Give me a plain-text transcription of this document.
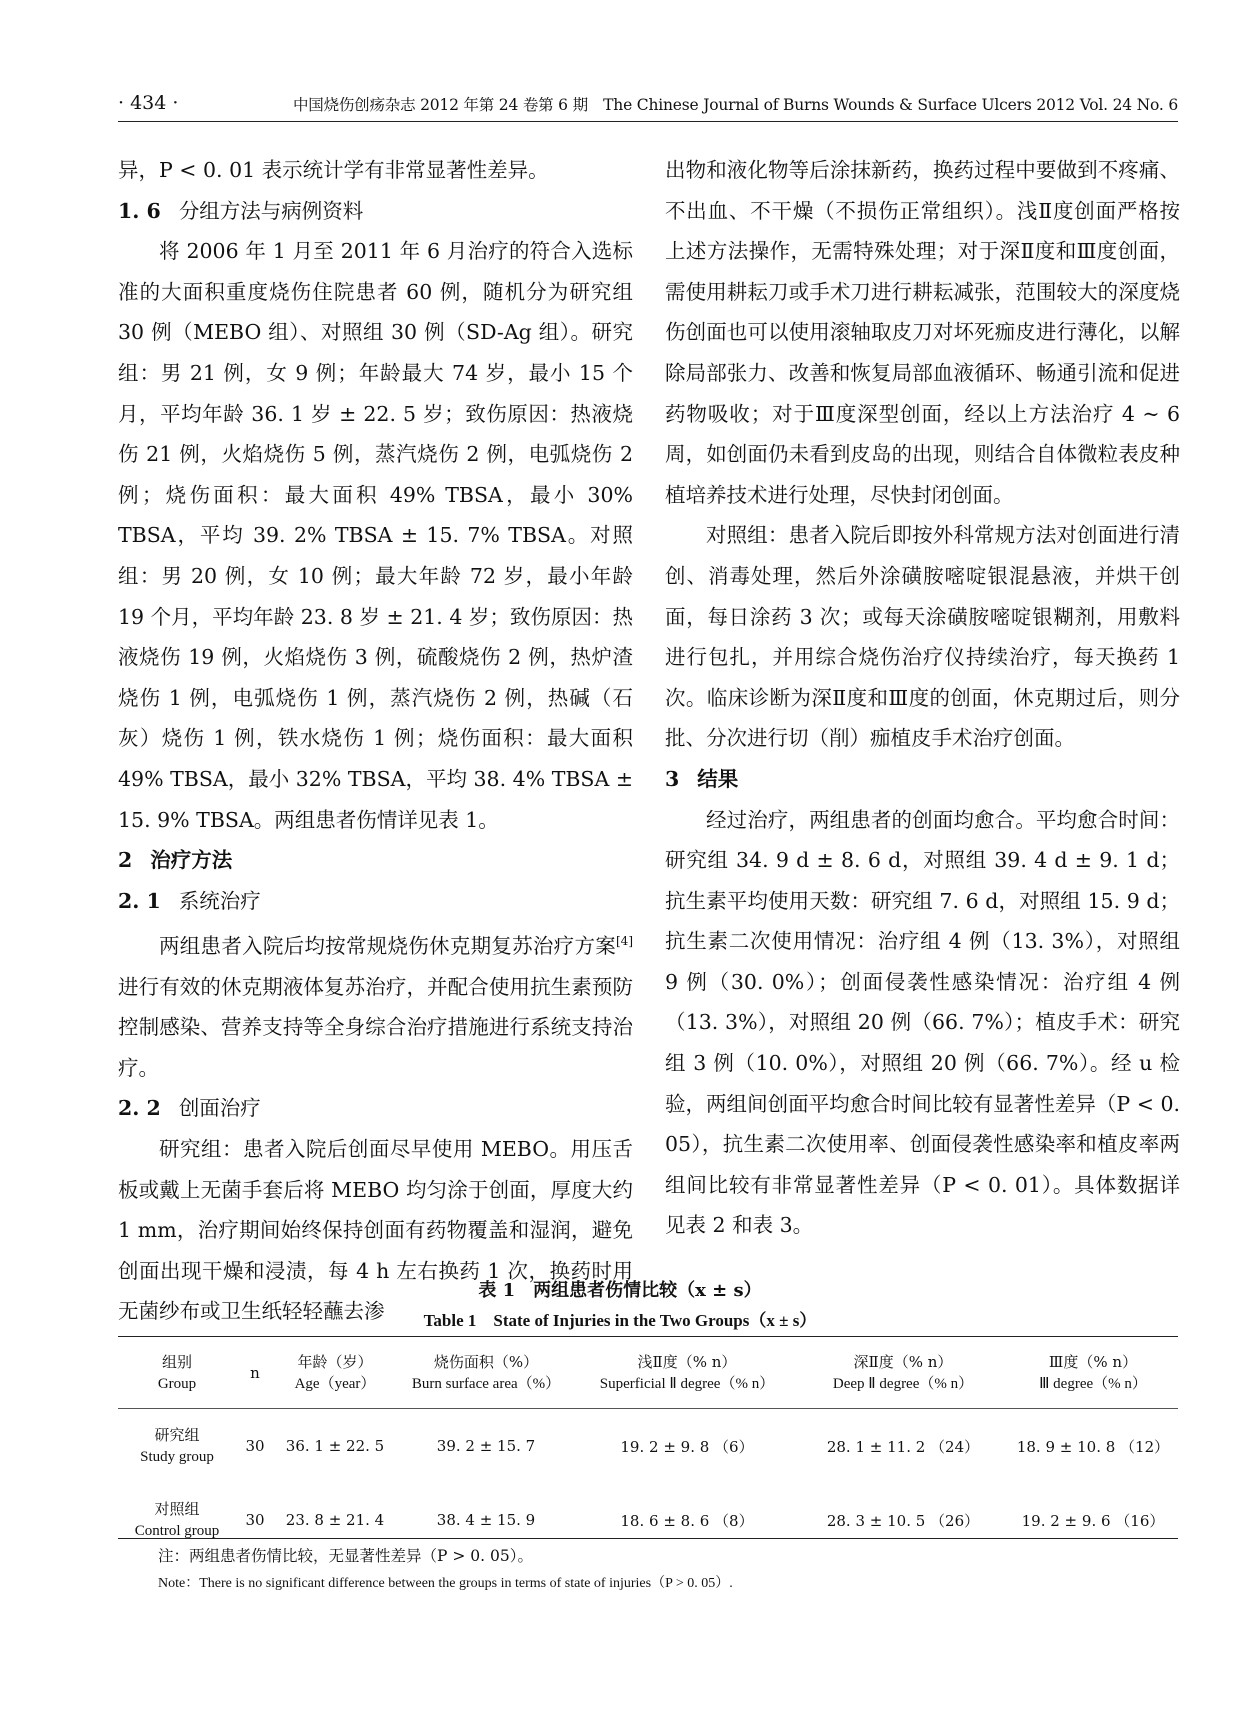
· 434 ·	中国烧伤创疡杂志 2012 年第 24 卷第 6 期　The Chinese Journal of Burns Wounds & Surface Ulcers 2012 Vol. 24 No. 6

异，P < 0. 01 表示统计学有非常显著性差异。

1. 6 分组方法与病例资料

将 2006 年 1 月至 2011 年 6 月治疗的符合入选标准的大面积重度烧伤住院患者 60 例，随机分为研究组 30 例（MEBO 组）、对照组 30 例（SD-Ag 组）。研究组：男 21 例，女 9 例；年龄最大 74 岁，最小 15 个月，平均年龄 36. 1 岁 ± 22. 5 岁；致伤原因：热液烧伤 21 例，火焰烧伤 5 例，蒸汽烧伤 2 例，电弧烧伤 2 例；烧伤面积：最大面积 49% TBSA，最小 30% TBSA，平均 39. 2% TBSA ± 15. 7% TBSA。对照组：男 20 例，女 10 例；最大年龄 72 岁，最小年龄 19 个月，平均年龄 23. 8 岁 ± 21. 4 岁；致伤原因：热液烧伤 19 例，火焰烧伤 3 例，硫酸烧伤 2 例，热炉渣烧伤 1 例，电弧烧伤 1 例，蒸汽烧伤 2 例，热碱（石灰）烧伤 1 例，铁水烧伤 1 例；烧伤面积：最大面积 49% TBSA，最小 32% TBSA，平均 38. 4% TBSA ± 15. 9% TBSA。两组患者伤情详见表 1。

2 治疗方法
2. 1 系统治疗

两组患者入院后均按常规烧伤休克期复苏治疗方案[4]进行有效的休克期液体复苏治疗，并配合使用抗生素预防控制感染、营养支持等全身综合治疗措施进行系统支持治疗。

2. 2 创面治疗

研究组：患者入院后创面尽早使用 MEBO。用压舌板或戴上无菌手套后将 MEBO 均匀涂于创面，厚度大约 1 mm，治疗期间始终保持创面有药物覆盖和湿润，避免创面出现干燥和浸渍，每 4 h 左右换药 1 次，换药时用无菌纱布或卫生纸轻轻蘸去渗

出物和液化物等后涂抹新药，换药过程中要做到不疼痛、不出血、不干燥（不损伤正常组织）。浅Ⅱ度创面严格按上述方法操作，无需特殊处理；对于深Ⅱ度和Ⅲ度创面，需使用耕耘刀或手术刀进行耕耘减张，范围较大的深度烧伤创面也可以使用滚轴取皮刀对坏死痂皮进行薄化，以解除局部张力、改善和恢复局部血液循环、畅通引流和促进药物吸收；对于Ⅲ度深型创面，经以上方法治疗 4 ~ 6 周，如创面仍未看到皮岛的出现，则结合自体微粒表皮种植培养技术进行处理，尽快封闭创面。

对照组：患者入院后即按外科常规方法对创面进行清创、消毒处理，然后外涂磺胺嘧啶银混悬液，并烘干创面，每日涂药 3 次；或每天涂磺胺嘧啶银糊剂，用敷料进行包扎，并用综合烧伤治疗仪持续治疗，每天换药 1 次。临床诊断为深Ⅱ度和Ⅲ度的创面，休克期过后，则分批、分次进行切（削）痂植皮手术治疗创面。

3 结果

经过治疗，两组患者的创面均愈合。平均愈合时间：研究组 34. 9 d ± 8. 6 d，对照组 39. 4 d ± 9. 1 d；抗生素平均使用天数：研究组 7. 6 d，对照组 15. 9 d；抗生素二次使用情况：治疗组 4 例（13. 3%），对照组 9 例（30. 0%）；创面侵袭性感染情况：治疗组 4 例（13. 3%），对照组 20 例（66. 7%）；植皮手术：研究组 3 例（10. 0%），对照组 20 例（66. 7%）。经 u 检验，两组间创面平均愈合时间比较有显著性差异（P < 0. 05），抗生素二次使用率、创面侵袭性感染率和植皮率两组间比较有非常显著性差异（P < 0. 01）。具体数据详见表 2 和表 3。

表 1　两组患者伤情比较（x ± s）
Table 1　State of Injuries in the Two Groups（x ± s）
组别
Group	n	年龄（岁）
Age（year）	烧伤面积（%）
Burn surface area（%）	浅Ⅱ度（% n）
Superficial Ⅱ degree（% n）	深Ⅱ度（% n）
Deep Ⅱ degree（% n）	Ⅲ度（% n）
Ⅲ degree（% n）

研究组
Study group	30	36. 1 ± 22. 5	39. 2 ± 15. 7	19. 2 ± 9. 8 （6）	28. 1 ± 11. 2 （24）	18. 9 ± 10. 8 （12）

对照组
Control group	30	23. 8 ± 21. 4	38. 4 ± 15. 9	18. 6 ± 8. 6 （8）	28. 3 ± 10. 5 （26）	19. 2 ± 9. 6 （16）
注：两组患者伤情比较，无显著性差异（P > 0. 05）。
Note：There is no significant difference between the groups in terms of state of injuries（P > 0. 05）.
